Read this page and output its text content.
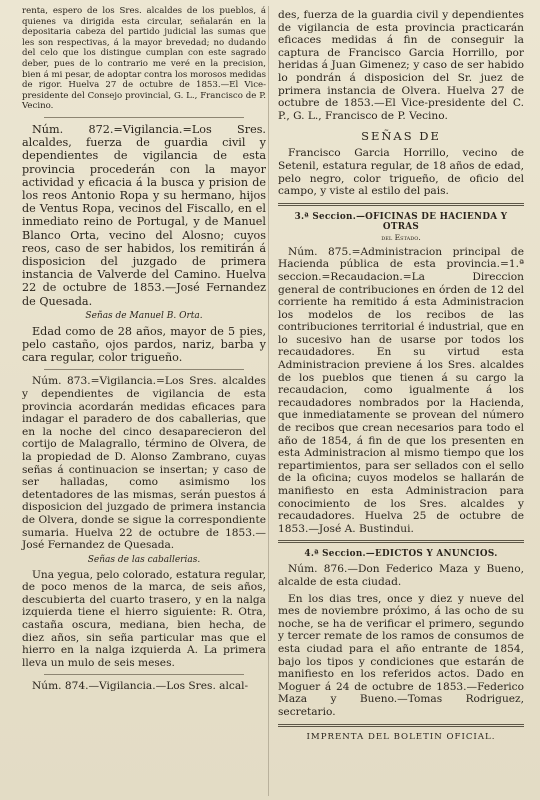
renta, espero de los Sres. alcaldes de los pueblos, á quienes va dirigida esta circular, señalarán en la depositaria cabeza del partido judicial las sumas que les son respectivas, á la mayor brevedad; no dudando del celo que los distingue cumplan con este sagrado deber, pues de lo contrario me veré en la precision, bien á mi pesar, de adoptar contra los morosos medidas de rigor. Huelva 27 de octubre de 1853.—El Vice-presidente del Consejo provincial, G. L., Francisco de P. Vecino.

Núm. 872.=Vigilancia.=Los Sres. alcaldes, fuerza de guardia civil y dependientes de vigilancia de esta provincia procederán con la mayor actividad y eficacia á la busca y prision de los reos Antonio Ropa y su hermano, hijos de Ventus Ropa, vecinos del Fiscallo, en el inmediato reino de Portugal, y de Manuel Blanco Orta, vecino del Alosno; cuyos reos, caso de ser habidos, los remitirán á disposicion del juzgado de primera instancia de Valverde del Camino. Huelva 22 de octubre de 1853.—José Fernandez de Quesada.

Señas de Manuel B. Orta.

Edad como de 28 años, mayor de 5 pies, pelo castaño, ojos pardos, nariz, barba y cara regular, color trigueño.

Núm. 873.=Vigilancia.=Los Sres. alcaldes y dependientes de vigilancia de esta provincia acordarán medidas eficaces para indagar el paradero de dos caballerias, que en la noche del cinco desaparecieron del cortijo de Malagrallo, término de Olvera, de la propiedad de D. Alonso Zambrano, cuyas señas á continuacion se insertan; y caso de ser halladas, como asimismo los detentadores de las mismas, serán puestos á disposicion del juzgado de primera instancia de Olvera, donde se sigue la correspondiente sumaria. Huelva 22 de octubre de 1853.—José Fernandez de Quesada.

Señas de las caballerias.

Una yegua, pelo colorado, estatura regular, de poco menos de la marca, de seis años, descubierta del cuarto trasero, y en la nalga izquierda tiene el hierro siguiente: R. Otra, castaña oscura, mediana, bien hecha, de diez años, sin seña particular mas que el hierro en la nalga izquierda A. La primera lleva un mulo de seis meses.

Núm. 874.—Vigilancia.—Los Sres. alcal-

des, fuerza de la guardia civil y dependientes de vigilancia de esta provincia practicarán eficaces medidas á fin de conseguir la captura de Francisco Garcia Horrillo, por heridas á Juan Gimenez; y caso de ser habido lo pondrán á disposicion del Sr. juez de primera instancia de Olvera. Huelva 27 de octubre de 1853.—El Vice-presidente del C. P., G. L., Francisco de P. Vecino.

SEÑAS DE

Francisco Garcia Horrillo, vecino de Setenil, estatura regular, de 18 años de edad, pelo negro, color trigueño, de oficio del campo, y viste al estilo del pais.

3.ª Seccion.—OFICINAS DE HACIENDA Y OTRAS
del Estado.

Núm. 875.=Administracion principal de Hacienda pública de esta provincia.=1.ª seccion.=Recaudacion.=La Direccion general de contribuciones en órden de 12 del corriente ha remitido á esta Administracion los modelos de los recibos de las contribuciones territorial é industrial, que en lo sucesivo han de usarse por todos los recaudadores. En su virtud esta Administracion previene á los Sres. alcaldes de los pueblos que tienen á su cargo la recaudacion, como igualmente á los recaudadores nombrados por la Hacienda, que inmediatamente se provean del número de recibos que crean necesarios para todo el año de 1854, á fin de que los presenten en esta Administracion al mismo tiempo que los repartimientos, para ser sellados con el sello de la oficina; cuyos modelos se hallarán de manifiesto en esta Administracion para conocimiento de los Sres. alcaldes y recaudadores. Huelva 25 de octubre de 1853.—José A. Bustindui.

4.ª Seccion.—EDICTOS Y ANUNCIOS.

Núm. 876.—Don Federico Maza y Bueno, alcalde de esta ciudad.

En los dias tres, once y diez y nueve del mes de noviembre próximo, á las ocho de su noche, se ha de verificar el primero, segundo y tercer remate de los ramos de consumos de esta ciudad para el año entrante de 1854, bajo los tipos y condiciones que estarán de manifiesto en los referidos actos. Dado en Moguer á 24 de octubre de 1853.—Federico Maza y Bueno.—Tomas Rodriguez, secretario.

IMPRENTA DEL BOLETIN OFICIAL.
